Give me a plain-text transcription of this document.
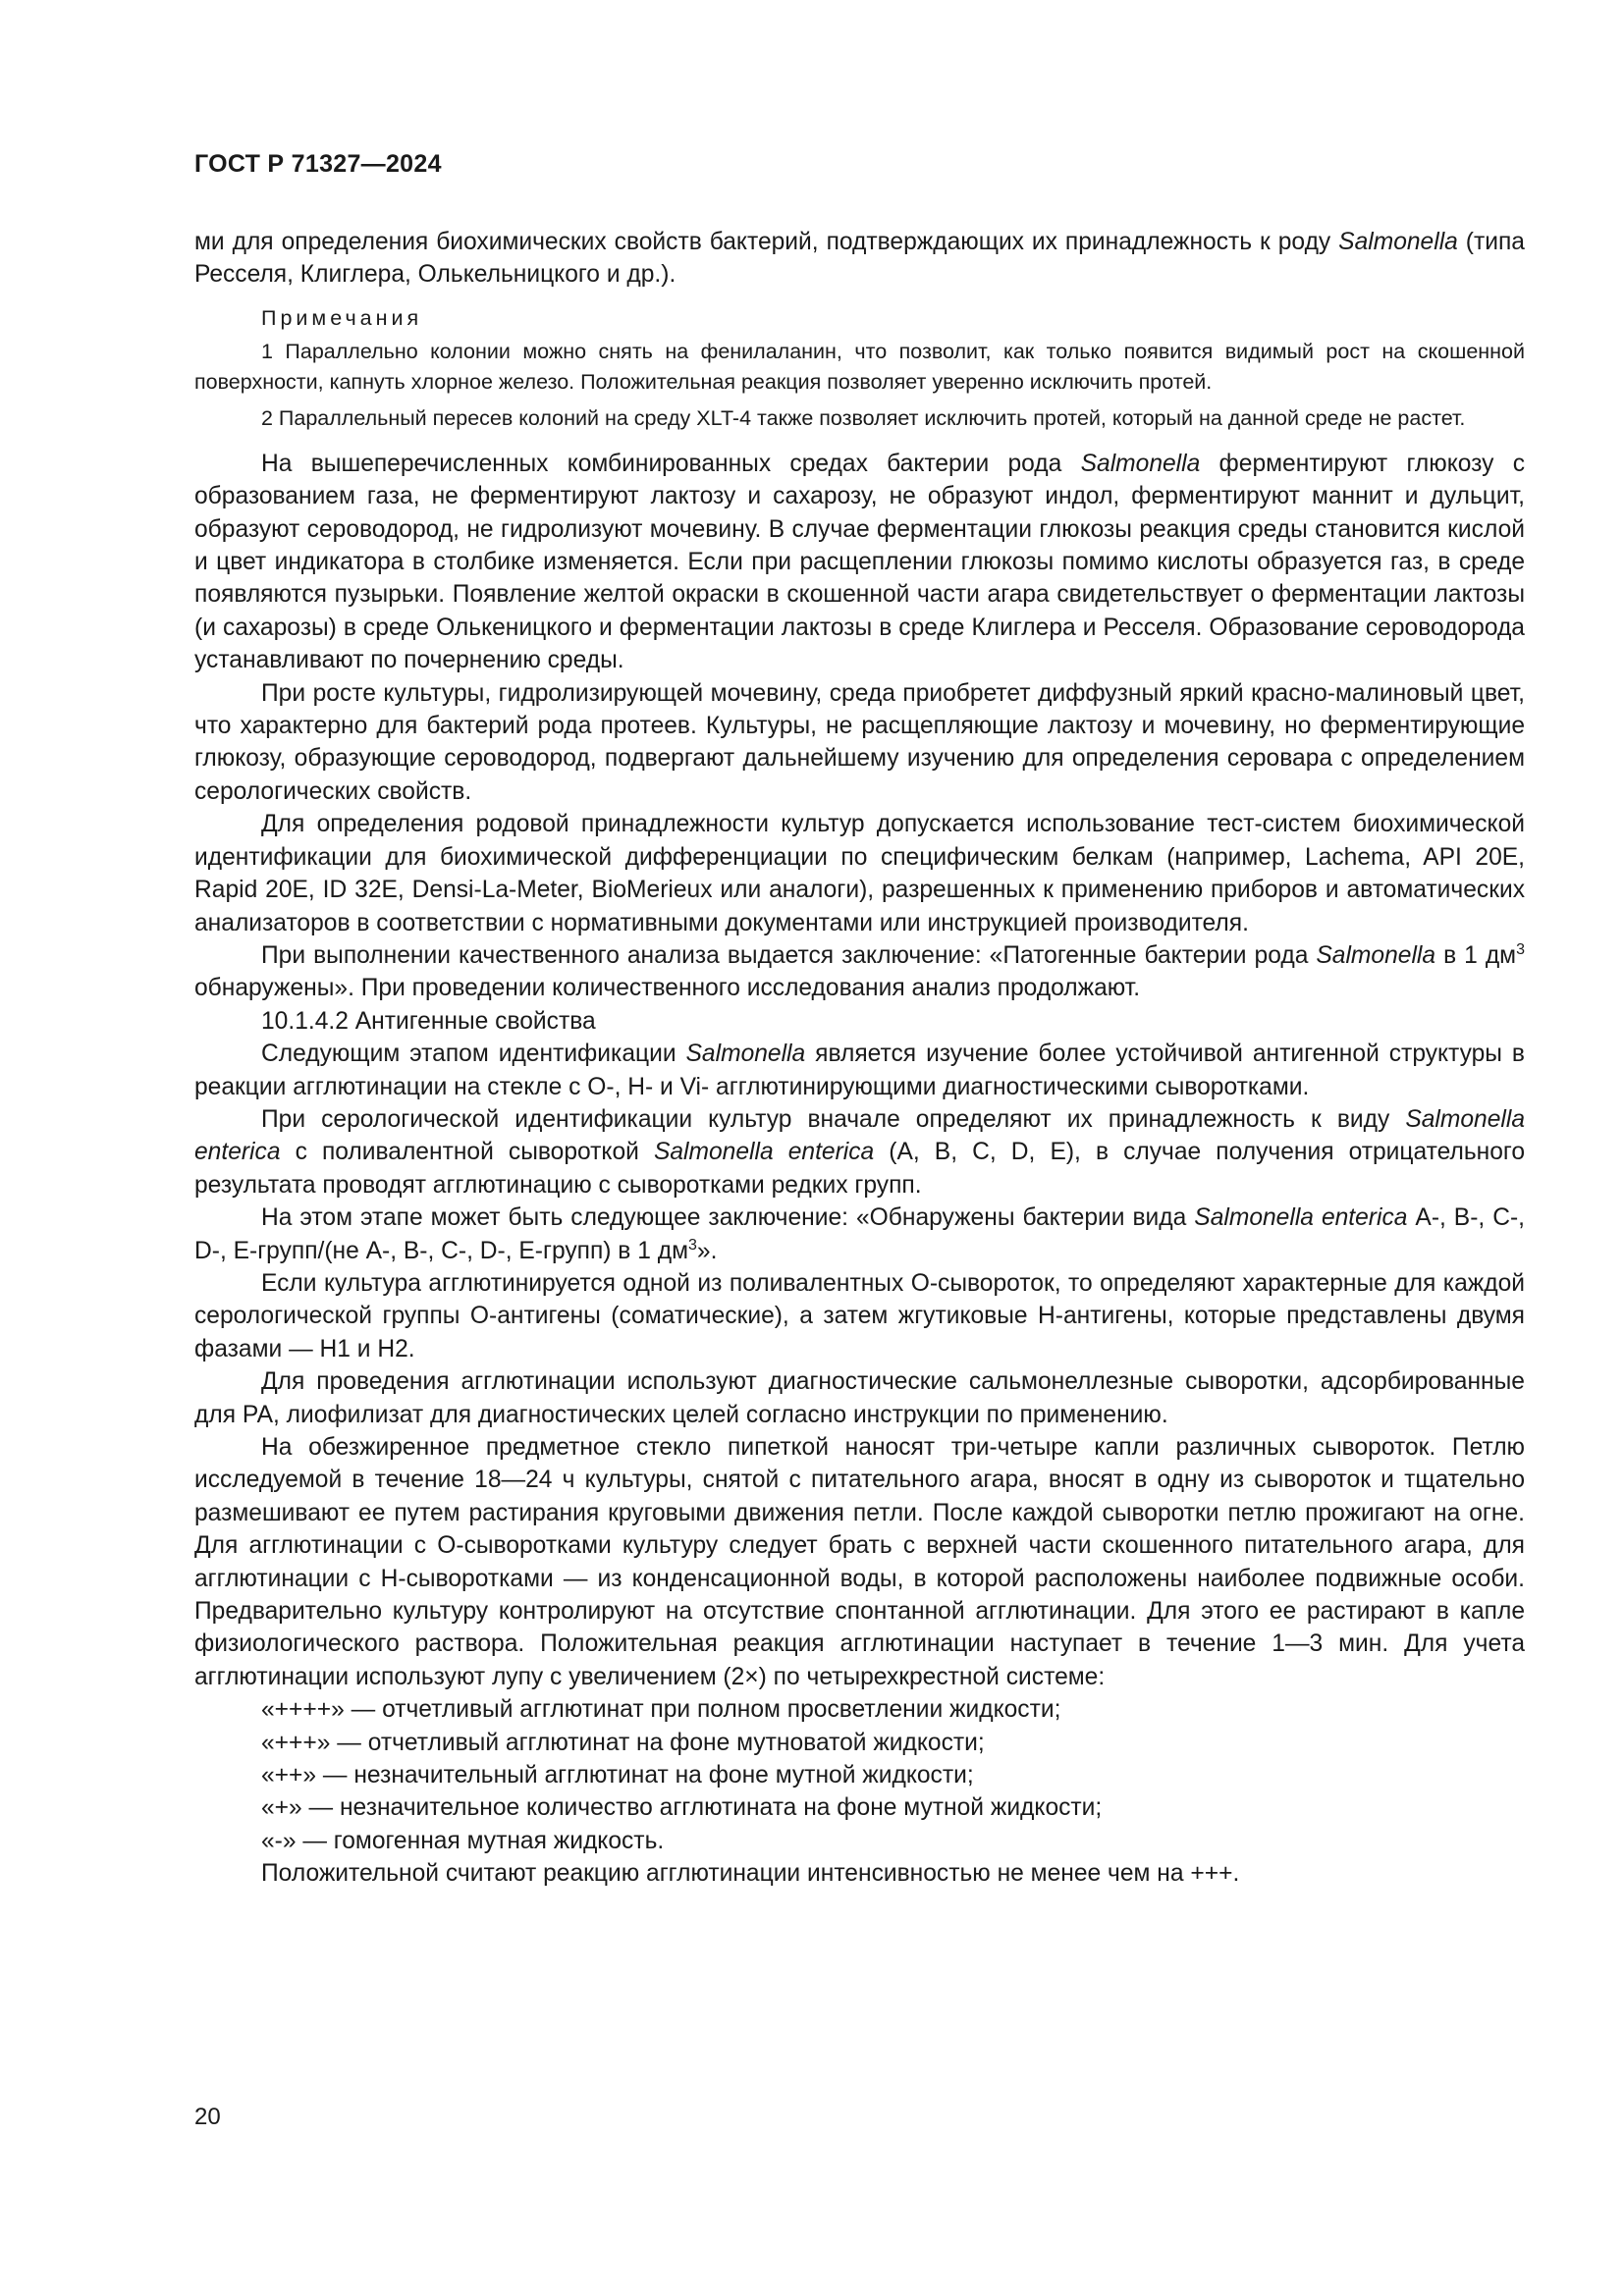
ГОСТ Р 71327—2024

ми для определения биохимических свойств бактерий, подтверждающих их принадлежность к роду Salmonella (типа Ресселя, Клиглера, Олькельницкого и др.).

Примечания

1 Параллельно колонии можно снять на фенилаланин, что позволит, как только появится видимый рост на скошенной поверхности, капнуть хлорное железо. Положительная реакция позволяет уверенно исключить протей.

2 Параллельный пересев колоний на среду XLT-4 также позволяет исключить протей, который на данной среде не растет.

На вышеперечисленных комбинированных средах бактерии рода Salmonella ферментируют глюкозу с образованием газа, не ферментируют лактозу и сахарозу, не образуют индол, ферментируют маннит и дульцит, образуют сероводород, не гидролизуют мочевину. В случае ферментации глюкозы реакция среды становится кислой и цвет индикатора в столбике изменяется. Если при расщеплении глюкозы помимо кислоты образуется газ, в среде появляются пузырьки. Появление желтой окраски в скошенной части агара свидетельствует о ферментации лактозы (и сахарозы) в среде Олькеницкого и ферментации лактозы в среде Клиглера и Ресселя. Образование сероводорода устанавливают по почернению среды.

При росте культуры, гидролизирующей мочевину, среда приобретет диффузный яркий красно-малиновый цвет, что характерно для бактерий рода протеев. Культуры, не расщепляющие лактозу и мочевину, но ферментирующие глюкозу, образующие сероводород, подвергают дальнейшему изучению для определения серовара с определением серологических свойств.

Для определения родовой принадлежности культур допускается использование тест-систем биохимической идентификации для биохимической дифференциации по специфическим белкам (например, Lachema, API 20E, Rapid 20E, ID 32E, Densi-La-Meter, BioMerieux или аналоги), разрешенных к применению приборов и автоматических анализаторов в соответствии с нормативными документами или инструкцией производителя.

При выполнении качественного анализа выдается заключение: «Патогенные бактерии рода Salmonella в 1 $дм^3$ обнаружены». При проведении количественного исследования анализ продолжают.

10.1.4.2 Антигенные свойства

Следующим этапом идентификации Salmonella является изучение более устойчивой антигенной структуры в реакции агглютинации на стекле с О-, Н- и Vi- агглютинирующими диагностическими сыворотками.

При серологической идентификации культур вначале определяют их принадлежность к виду Salmonella enterica с поливалентной сывороткой Salmonella enterica (А, В, С, D, Е), в случае получения отрицательного результата проводят агглютинацию с сыворотками редких групп.

На этом этапе может быть следующее заключение: «Обнаружены бактерии вида Salmonella enterica А-, В-, С-, D-, Е-групп/(не А-, В-, С-, D-, Е-групп) в 1 $дм^3$».

Если культура агглютинируется одной из поливалентных О-сывороток, то определяют характерные для каждой серологической группы О-антигены (соматические), а затем жгутиковые Н-антигены, которые представлены двумя фазами — Н1 и Н2.

Для проведения агглютинации используют диагностические сальмонеллезные сыворотки, адсорбированные для РА, лиофилизат для диагностических целей согласно инструкции по применению.

На обезжиренное предметное стекло пипеткой наносят три-четыре капли различных сывороток. Петлю исследуемой в течение 18—24 ч культуры, снятой с питательного агара, вносят в одну из сывороток и тщательно размешивают ее путем растирания круговыми движения петли. После каждой сыворотки петлю прожигают на огне. Для агглютинации с О-сыворотками культуру следует брать с верхней части скошенного питательного агара, для агглютинации с Н-сыворотками — из конденсационной воды, в которой расположены наиболее подвижные особи. Предварительно культуру контролируют на отсутствие спонтанной агглютинации. Для этого ее растирают в капле физиологического раствора. Положительная реакция агглютинации наступает в течение 1—3 мин. Для учета агглютинации используют лупу с увеличением (2×) по четырехкрестной системе:

«++++» — отчетливый агглютинат при полном просветлении жидкости;

«+++» — отчетливый агглютинат на фоне мутноватой жидкости;

«++» — незначительный агглютинат на фоне мутной жидкости;

«+» — незначительное количество агглютината на фоне мутной жидкости;

«-» — гомогенная мутная жидкость.

Положительной считают реакцию агглютинации интенсивностью не менее чем на +++.

20
